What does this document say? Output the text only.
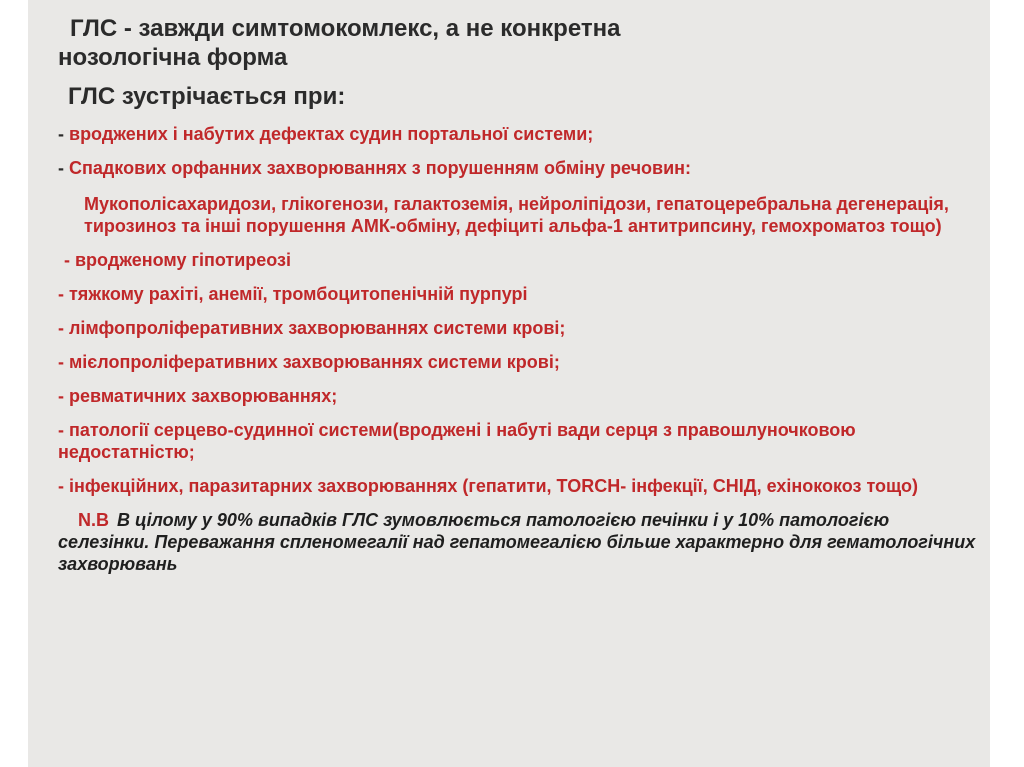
ГЛС - завжди симтомокомлекс, а не конкретна
нозологічна форма

ГЛС зустрічається при:

- вроджених і набутих дефектах судин портальної системи;

- Спадкових орфанних захворюваннях з порушенням обміну речовин:

Мукополісахаридози, глікогенози, галактоземія, нейроліпідози, гепатоцеребральна дегенерація, тирозиноз та інші порушення АМК-обміну, дефіциті альфа-1 антитрипсину, гемохроматоз тощо)

- вродженому гіпотиреозі

- тяжкому рахіті, анемії, тромбоцитопенічній пурпурі

- лімфопроліферативних захворюваннях системи крові;

- мієлопроліферативних захворюваннях системи крові;

- ревматичних захворюваннях;

- патології серцево-судинної системи(вроджені і набуті вади серця з правошлуночковою недостатністю;

- інфекційних, паразитарних захворюваннях (гепатити, TORCH- інфекції, СНІД, ехінококоз тощо)

N.B В цілому у 90% випадків ГЛС зумовлюється патологією печінки і у 10% патологією селезінки. Переважання спленомегалії над гепатомегалією більше характерно для гематологічних захворювань
